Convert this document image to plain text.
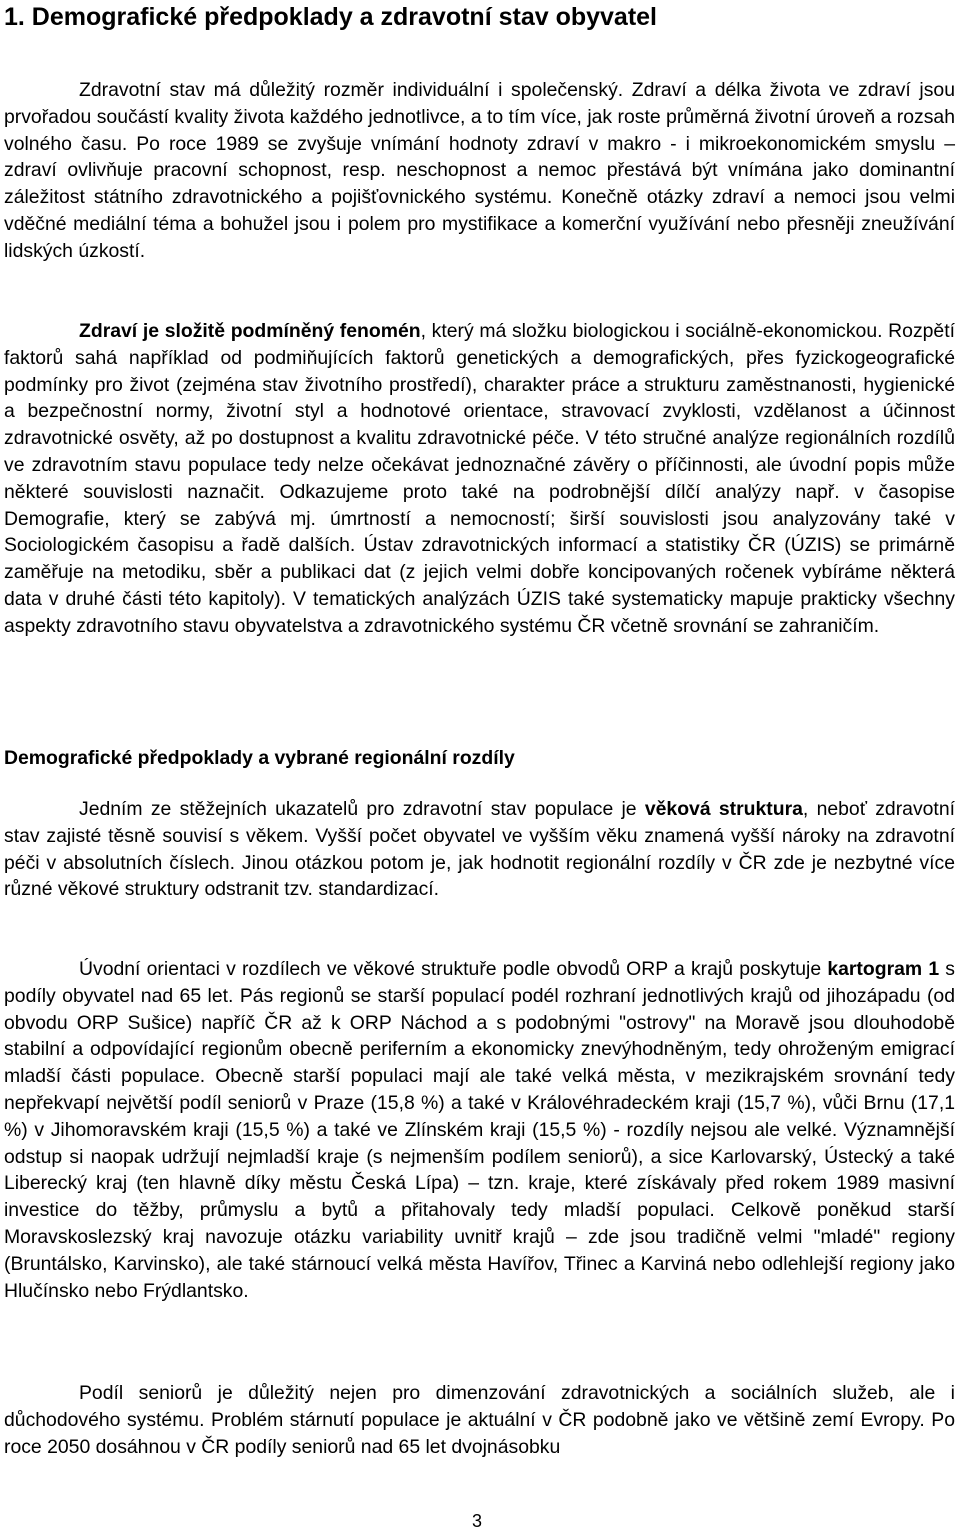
1. Demografické předpoklady a zdravotní stav obyvatel

Zdravotní stav má důležitý rozměr individuální i společenský. Zdraví a délka života ve zdraví jsou prvořadou součástí kvality života každého jednotlivce, a to tím více, jak roste průměrná životní úroveň a rozsah volného času. Po roce 1989 se zvyšuje vnímání hodnoty zdraví v makro - i mikroekonomickém smyslu – zdraví ovlivňuje pracovní schopnost, resp. neschopnost a nemoc přestává být vnímána jako dominantní záležitost státního zdravotnického a pojišťovnického systému. Konečně otázky zdraví a nemoci jsou velmi vděčné mediální téma a bohužel jsou i polem pro mystifikace a komerční využívání nebo přesněji zneužívání lidských úzkostí.

Zdraví je složitě podmíněný fenomén, který má složku biologickou i sociálně-ekonomickou. Rozpětí faktorů sahá například od podmiňujících faktorů genetických a demografických, přes fyzickogeografické podmínky pro život (zejména stav životního prostředí), charakter práce a strukturu zaměstnanosti, hygienické a bezpečnostní normy, životní styl a hodnotové orientace, stravovací zvyklosti, vzdělanost a účinnost zdravotnické osvěty, až po dostupnost a kvalitu zdravotnické péče. V této stručné analýze regionálních rozdílů ve zdravotním stavu populace tedy nelze očekávat jednoznačné závěry o příčinnosti, ale úvodní popis může některé souvislosti naznačit. Odkazujeme proto také na podrobnější dílčí analýzy např. v časopise Demografie, který se zabývá mj. úmrtností a nemocností; širší souvislosti jsou analyzovány také v Sociologickém časopisu a řadě dalších. Ústav zdravotnických informací a statistiky ČR (ÚZIS) se primárně zaměřuje na metodiku, sběr a publikaci dat (z jejich velmi dobře koncipovaných ročenek vybíráme některá data v druhé části této kapitoly). V tematických analýzách ÚZIS také systematicky mapuje prakticky všechny aspekty zdravotního stavu obyvatelstva a zdravotnického systému ČR včetně srovnání se zahraničím.

Demografické předpoklady a vybrané regionální rozdíly

Jedním ze stěžejních ukazatelů pro zdravotní stav populace je věková struktura, neboť zdravotní stav zajisté těsně souvisí s věkem. Vyšší počet obyvatel ve vyšším věku znamená vyšší nároky na zdravotní péči v absolutních číslech. Jinou otázkou potom je, jak hodnotit regionální rozdíly v ČR zde je nezbytné více různé věkové struktury odstranit tzv. standardizací.

Úvodní orientaci v rozdílech ve věkové struktuře podle obvodů ORP a krajů poskytuje kartogram 1 s podíly obyvatel nad 65 let. Pás regionů se starší populací podél rozhraní jednotlivých krajů od jihozápadu (od obvodu ORP Sušice) napříč ČR až k ORP Náchod a s podobnými "ostrovy" na Moravě jsou dlouhodobě stabilní a odpovídající regionům obecně periferním a ekonomicky znevýhodněným, tedy ohroženým emigrací mladší části populace. Obecně starší populaci mají ale také velká města, v mezikrajském srovnání tedy nepřekvapí největší podíl seniorů v Praze (15,8 %) a také v Královéhradeckém kraji (15,7 %), vůči Brnu (17,1 %) v Jihomoravském kraji (15,5 %) a také ve Zlínském kraji (15,5 %) - rozdíly nejsou ale velké. Významnější odstup si naopak udržují nejmladší kraje (s nejmenším podílem seniorů), a sice Karlovarský, Ústecký a také Liberecký kraj (ten hlavně díky městu Česká Lípa) – tzn. kraje, které získávaly před rokem 1989 masivní investice do těžby, průmyslu a bytů a přitahovaly tedy mladší populaci. Celkově poněkud starší Moravskoslezský kraj navozuje otázku variability uvnitř krajů – zde jsou tradičně velmi "mladé" regiony (Bruntálsko, Karvinsko), ale také stárnoucí velká města Havířov, Třinec a Karviná nebo odlehlejší regiony jako Hlučínsko nebo Frýdlantsko.

Podíl seniorů je důležitý nejen pro dimenzování zdravotnických a sociálních služeb, ale i důchodového systému. Problém stárnutí populace je aktuální v ČR podobně jako ve většině zemí Evropy. Po roce 2050 dosáhnou v ČR podíly seniorů nad 65 let dvojnásobku

3
